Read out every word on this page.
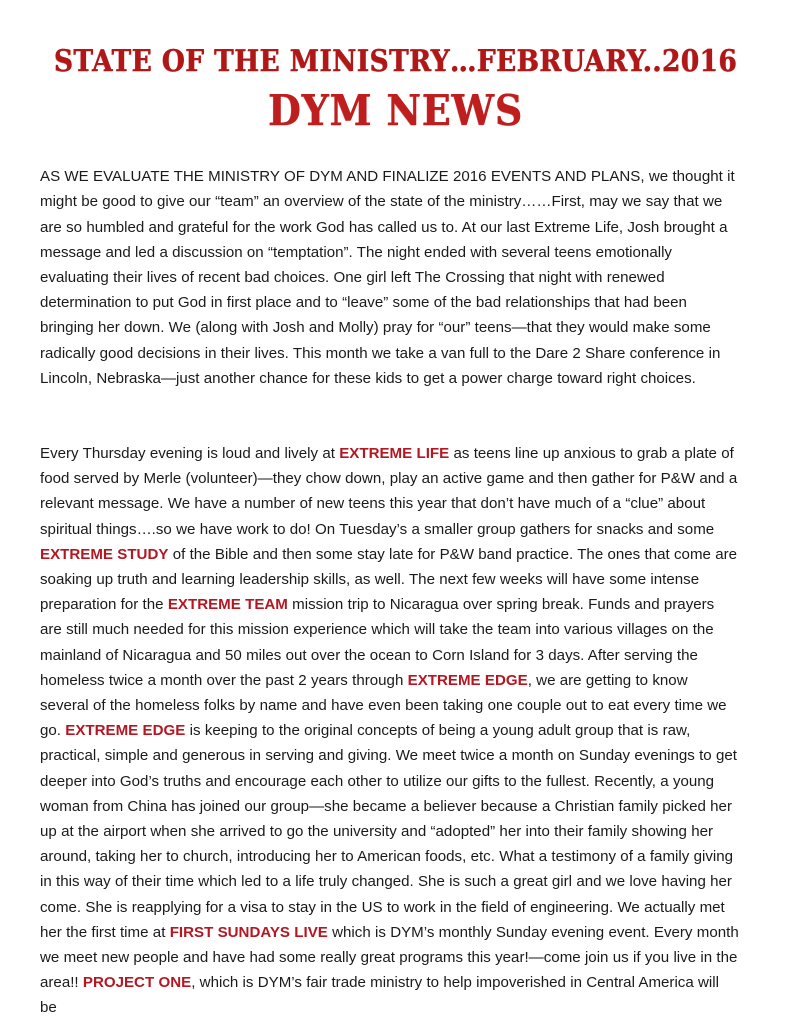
STATE OF THE MINISTRY…FEBRUARY..2016
DYM NEWS

AS WE EVALUATE THE MINISTRY OF DYM AND FINALIZE 2016 EVENTS AND PLANS, we thought it might be good to give our “team” an overview of the state of the ministry……First, may we say that we are so humbled and grateful for the work God has called us to. At our last Extreme Life, Josh brought a message and led a discussion on “temptation”. The night ended with several teens emotionally evaluating their lives of recent bad choices. One girl left The Crossing that night with renewed determination to put God in first place and to “leave” some of the bad relationships that had been bringing her down. We (along with Josh and Molly) pray for “our” teens—that they would make some radically good decisions in their lives. This month we take a van full to the Dare 2 Share conference in Lincoln, Nebraska—just another chance for these kids to get a power charge toward right choices.

Every Thursday evening is loud and lively at EXTREME LIFE as teens line up anxious to grab a plate of food served by Merle (volunteer)—they chow down, play an active game and then gather for P&W and a relevant message. We have a number of new teens this year that don’t have much of a “clue” about spiritual things….so we have work to do! On Tuesday’s a smaller group gathers for snacks and some EXTREME STUDY of the Bible and then some stay late for P&W band practice. The ones that come are soaking up truth and learning leadership skills, as well. The next few weeks will have some intense preparation for the EXTREME TEAM mission trip to Nicaragua over spring break. Funds and prayers are still much needed for this mission experience which will take the team into various villages on the mainland of Nicaragua and 50 miles out over the ocean to Corn Island for 3 days. After serving the homeless twice a month over the past 2 years through EXTREME EDGE, we are getting to know several of the homeless folks by name and have even been taking one couple out to eat every time we go. EXTREME EDGE is keeping to the original concepts of being a young adult group that is raw, practical, simple and generous in serving and giving. We meet twice a month on Sunday evenings to get deeper into God’s truths and encourage each other to utilize our gifts to the fullest. Recently, a young woman from China has joined our group—she became a believer because a Christian family picked her up at the airport when she arrived to go the university and “adopted” her into their family showing her around, taking her to church, introducing her to American foods, etc. What a testimony of a family giving in this way of their time which led to a life truly changed. She is such a great girl and we love having her come. She is reapplying for a visa to stay in the US to work in the field of engineering. We actually met her the first time at FIRST SUNDAYS LIVE which is DYM’s monthly Sunday evening event. Every month we meet new people and have had some really great programs this year!—come join us if you live in the area!! PROJECT ONE, which is DYM’s fair trade ministry to help impoverished in Central America will be
